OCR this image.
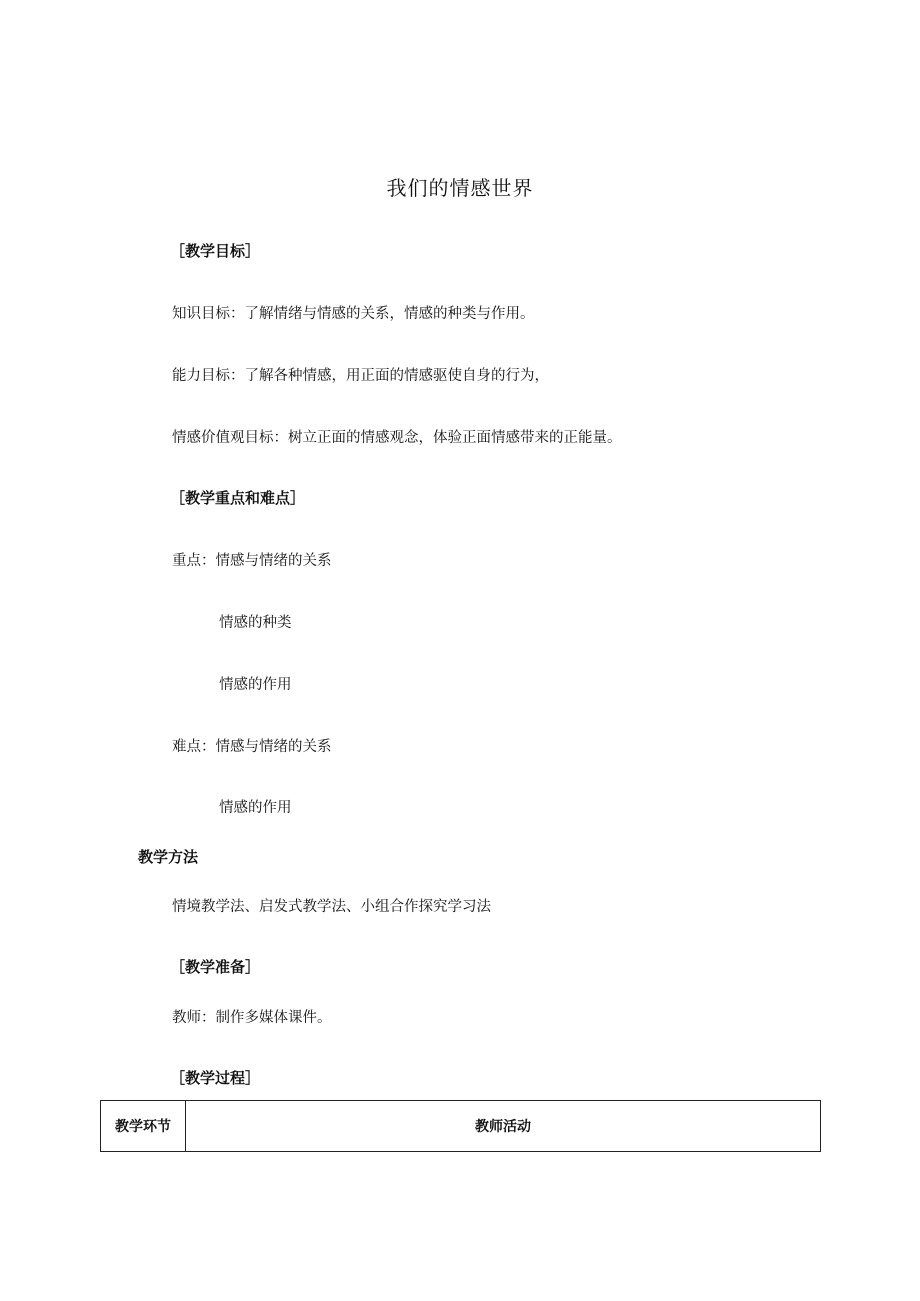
我们的情感世界
［教学目标］
知识目标：了解情绪与情感的关系，情感的种类与作用。
能力目标：了解各种情感，用正面的情感驱使自身的行为，
情感价值观目标：树立正面的情感观念，体验正面情感带来的正能量。
［教学重点和难点］
重点：情感与情绪的关系
情感的种类
情感的作用
难点：情感与情绪的关系
情感的作用
教学方法
情境教学法、启发式教学法、小组合作探究学习法
［教学准备］
教师：制作多媒体课件。
［教学过程］
教学环节	教师活动
